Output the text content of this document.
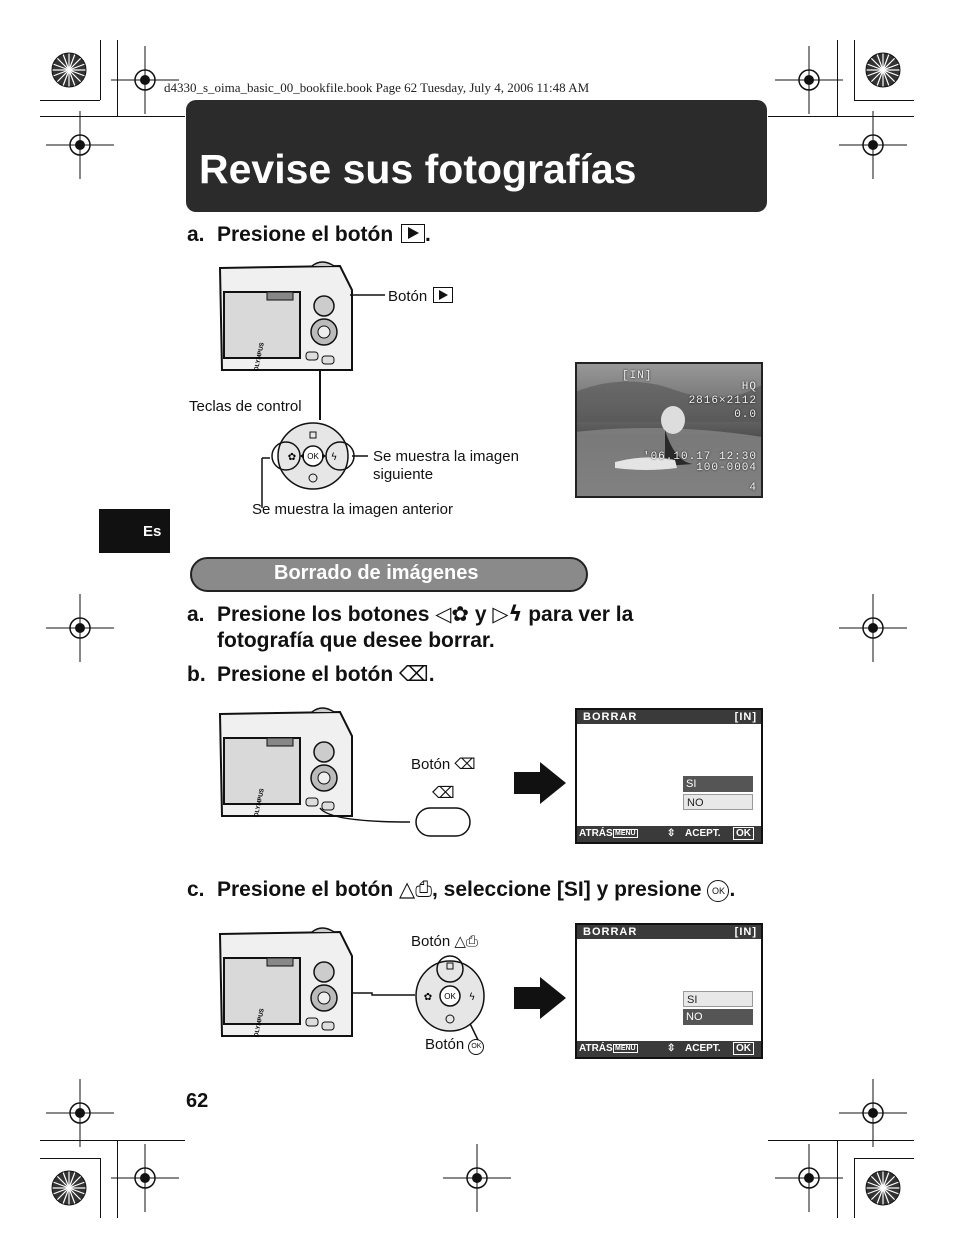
d4330_s_oima_basic_00_bookfile.book Page 62 Tuesday, July 4, 2006 11:48 AM
Revise sus fotografías
a. Presione el botón .
OLYMPUS
Botón
Teclas de control
Se muestra la imagen
siguiente
Se muestra la imagen anterior
OK
✿	ϟ
[IN]
HQ
2816×2112
0.0
'06.10.17 12:30
100-0004
4
Es
Borrado de imágenes
a. Presione los botones ◁✿ y ▷ϟ para ver la
fotografía que desee borrar.
b. Presione el botón ⌫.
OLYMPUS
Botón ⌫
⌫
BORRAR	[IN]
SI
NO
ATRÁS MENU	⇳ ACEPT.	OK
c. Presione el botón △⎙, seleccione [SI] y presione OK .
OLYMPUS
OK
✿	ϟ
Botón △⎙
Botón OK
BORRAR	[IN]
SI
NO
ATRÁS MENU	⇳ ACEPT.	OK
62
